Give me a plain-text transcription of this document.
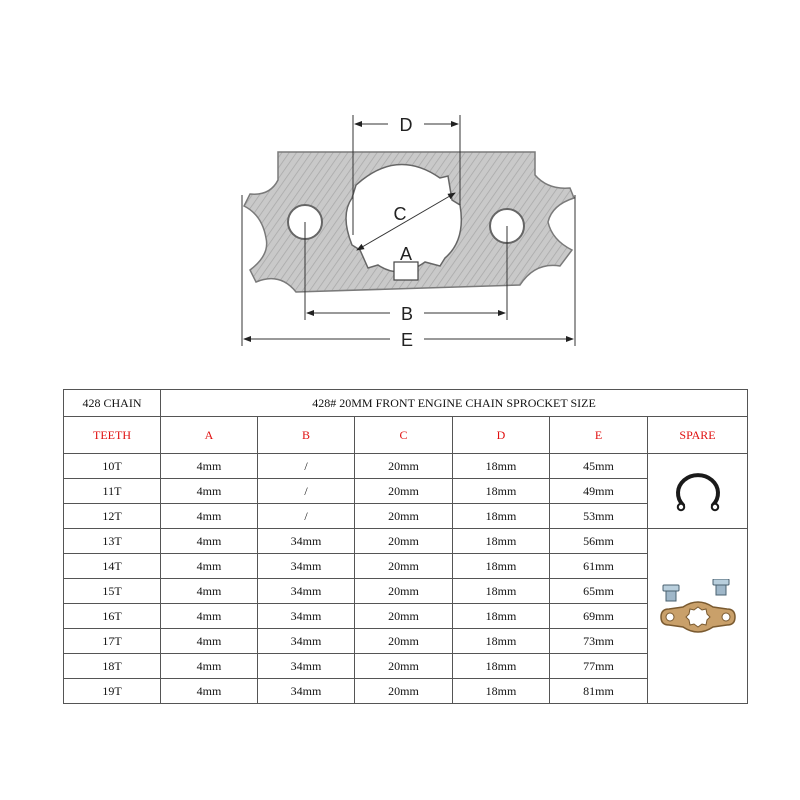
D
C
A
B
E
428 CHAIN	428# 20MM FRONT ENGINE CHAIN SPROCKET SIZE					
TEETH	A	B	C	D	E	SPARE
10T	4mm	/	20mm	18mm	45mm	
11T	4mm	/	20mm	18mm	49mm	
12T	4mm	/	20mm	18mm	53mm	
13T	4mm	34mm	20mm	18mm	56mm	
14T	4mm	34mm	20mm	18mm	61mm	
15T	4mm	34mm	20mm	18mm	65mm	
16T	4mm	34mm	20mm	18mm	69mm	
17T	4mm	34mm	20mm	18mm	73mm	
18T	4mm	34mm	20mm	18mm	77mm	
19T	4mm	34mm	20mm	18mm	81mm	
